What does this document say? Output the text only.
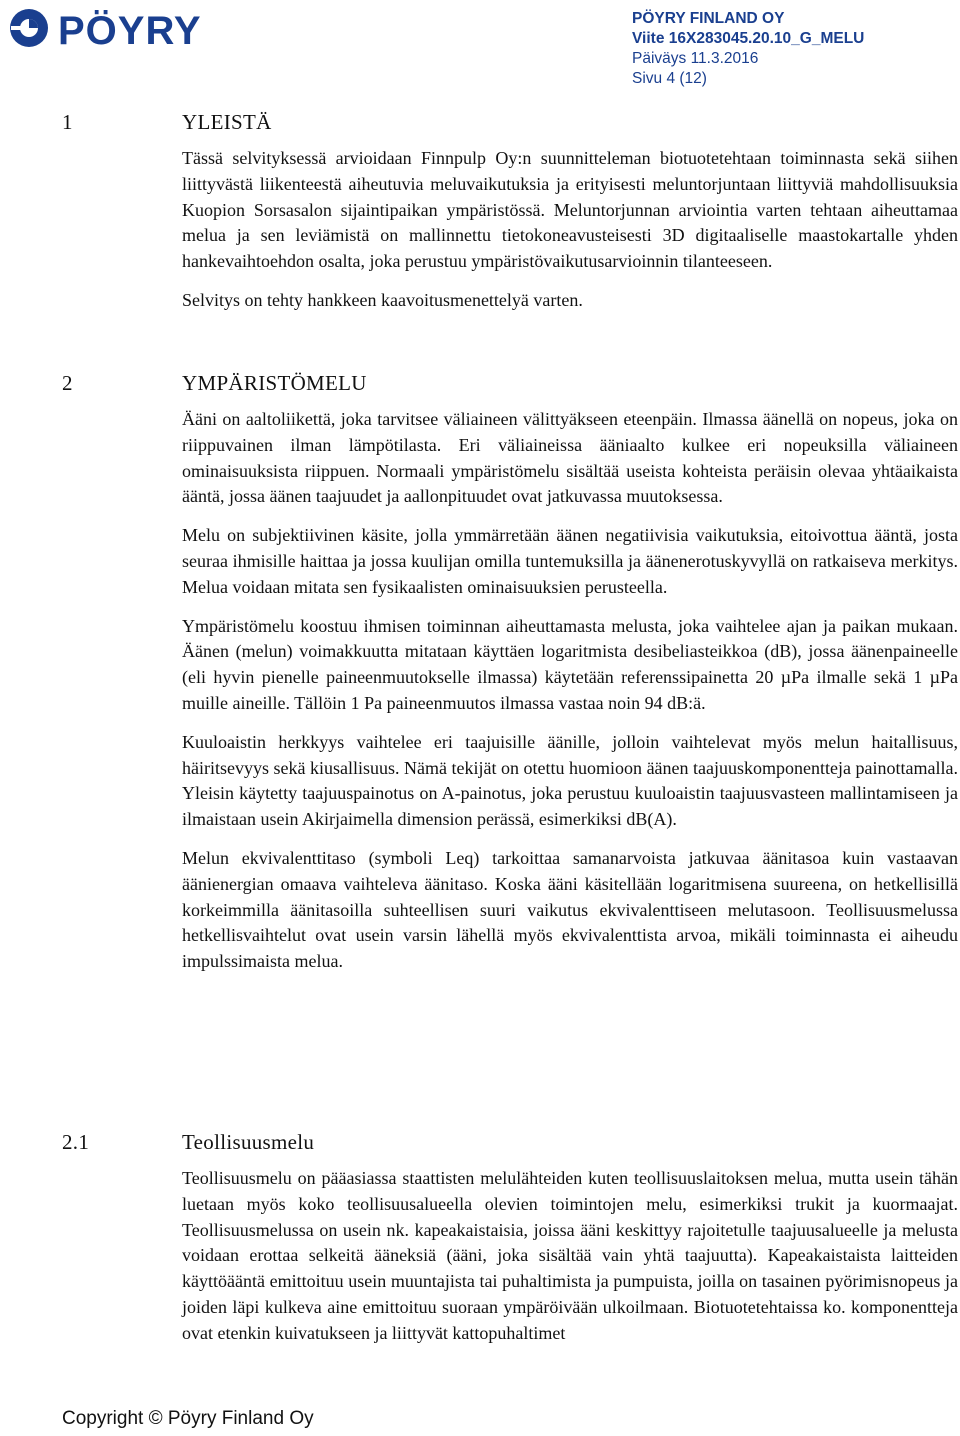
PÖYRY	PÖYRY FINLAND OY
Viite 16X283045.20.10_G_MELU
Päiväys 11.3.2016
Sivu 4 (12)
1	YLEISTÄ

Tässä selvityksessä arvioidaan Finnpulp Oy:n suunnitteleman biotuotetehtaan toiminnasta sekä siihen liittyvästä liikenteestä aiheutuvia meluvaikutuksia ja erityisesti meluntorjuntaan liittyviä mahdollisuuksia Kuopion Sorsasalon sijaintipaikan ympäristössä. Meluntorjunnan arviointia varten tehtaan aiheuttamaa melua ja sen leviämistä on mallinnettu tietokoneavusteisesti 3D digitaaliselle maastokartalle yhden hankevaihtoehdon osalta, joka perustuu ympäristövaikutusarvioinnin tilanteeseen.

Selvitys on tehty hankkeen kaavoitusmenettelyä varten.

2	YMPÄRISTÖMELU

Ääni on aaltoliikettä, joka tarvitsee väliaineen välittyäkseen eteenpäin. Ilmassa äänellä on nopeus, joka on riippuvainen ilman lämpötilasta. Eri väliaineissa ääniaalto kulkee eri nopeuksilla väliaineen ominaisuuksista riippuen. Normaali ympäristömelu sisältää useista kohteista peräisin olevaa yhtäaikaista ääntä, jossa äänen taajuudet ja aallonpituudet ovat jatkuvassa muutoksessa.

Melu on subjektiivinen käsite, jolla ymmärretään äänen negatiivisia vaikutuksia, eitoivottua ääntä, josta seuraa ihmisille haittaa ja jossa kuulijan omilla tuntemuksilla ja äänenerotuskyvyllä on ratkaiseva merkitys. Melua voidaan mitata sen fysikaalisten ominaisuuksien perusteella.

Ympäristömelu koostuu ihmisen toiminnan aiheuttamasta melusta, joka vaihtelee ajan ja paikan mukaan. Äänen (melun) voimakkuutta mitataan käyttäen logaritmista desibeliasteikkoa (dB), jossa äänenpaineelle (eli hyvin pienelle paineenmuutokselle ilmassa) käytetään referenssipainetta 20 µPa ilmalle sekä 1 µPa muille aineille. Tällöin 1 Pa paineenmuutos ilmassa vastaa noin 94 dB:ä.

Kuuloaistin herkkyys vaihtelee eri taajuisille äänille, jolloin vaihtelevat myös melun haitallisuus, häiritsevyys sekä kiusallisuus. Nämä tekijät on otettu huomioon äänen taajuuskomponentteja painottamalla. Yleisin käytetty taajuuspainotus on A-painotus, joka perustuu kuuloaistin taajuusvasteen mallintamiseen ja ilmaistaan usein Akirjaimella dimension perässä, esimerkiksi dB(A).

Melun ekvivalenttitaso (symboli Leq) tarkoittaa samanarvoista jatkuvaa äänitasoa kuin vastaavan äänienergian omaava vaihteleva äänitaso. Koska ääni käsitellään logaritmisena suureena, on hetkellisillä korkeimmilla äänitasoilla suhteellisen suuri vaikutus ekvivalenttiseen melutasoon. Teollisuusmelussa hetkellisvaihtelut ovat usein varsin lähellä myös ekvivalenttista arvoa, mikäli toiminnasta ei aiheudu impulssimaista melua.

2.1	Teollisuusmelu

Teollisuusmelu on pääasiassa staattisten melulähteiden kuten teollisuuslaitoksen melua, mutta usein tähän luetaan myös koko teollisuusalueella olevien toimintojen melu, esimerkiksi trukit ja kuormaajat. Teollisuusmelussa on usein nk. kapeakaistaisia, joissa ääni keskittyy rajoitetulle taajuusalueelle ja melusta voidaan erottaa selkeitä ääneksiä (ääni, joka sisältää vain yhtä taajuutta). Kapeakaistaista laitteiden käyttöääntä emittoituu usein muuntajista tai puhaltimista ja pumpuista, joilla on tasainen pyörimisnopeus ja joiden läpi kulkeva aine emittoituu suoraan ympäröivään ulkoilmaan. Biotuotetehtaissa ko. komponentteja ovat etenkin kuivatukseen ja liittyvät kattopuhaltimet

Copyright © Pöyry Finland Oy
